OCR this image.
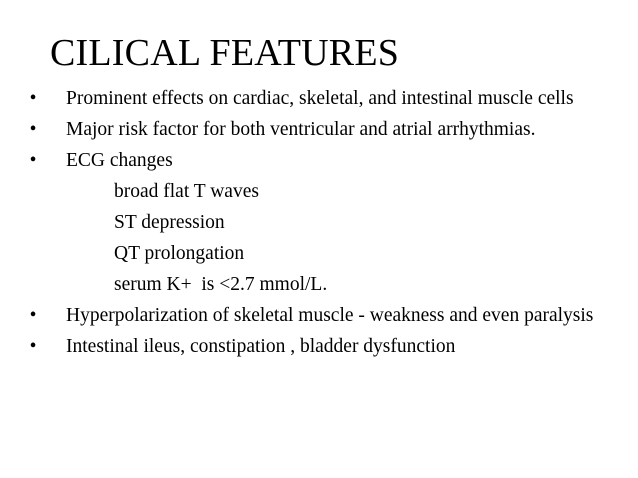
CILICAL FEATURES
• Prominent effects on cardiac, skeletal, and intestinal muscle cells
• Major risk factor for both ventricular and atrial arrhythmias.
• ECG changes
broad flat T waves
ST depression
QT prolongation
serum K+  is <2.7 mmol/L.
• Hyperpolarization of skeletal muscle - weakness and even paralysis
• Intestinal ileus, constipation , bladder dysfunction
